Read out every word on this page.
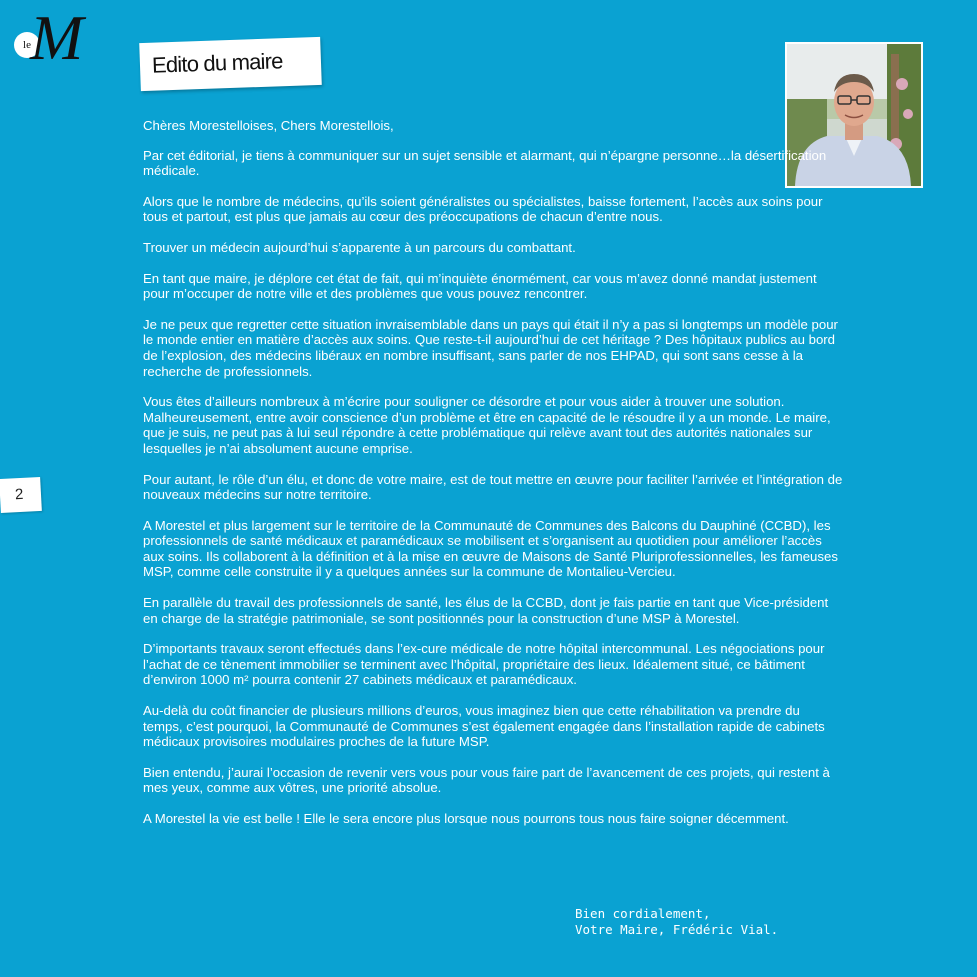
le M	Edito du maire
2

Chères Morestelloises, Chers Morestellois,

Par cet éditorial, je tiens à communiquer sur un sujet sensible et alarmant, qui n’épargne personne…la désertification médicale.

Alors que le nombre de médecins, qu’ils soient généralistes ou spécialistes, baisse fortement, l’accès aux soins pour tous et partout, est plus que jamais au cœur des préoccupations de chacun d’entre nous.

Trouver un médecin aujourd’hui s’apparente à un parcours du combattant.

En tant que maire, je déplore cet état de fait, qui m’inquiète énormément, car vous m’avez donné mandat justement pour m’occuper de notre ville et des problèmes que vous pouvez rencontrer.

Je ne peux que regretter cette situation invraisemblable dans un pays qui était il n’y a pas si longtemps un modèle pour le monde entier en matière d’accès aux soins. Que reste-t-il aujourd’hui de cet héritage ? Des hôpitaux publics au bord de l’explosion, des médecins libéraux en nombre insuffisant, sans parler de nos EHPAD, qui sont sans cesse à la recherche de professionnels.

Vous êtes d’ailleurs nombreux à m’écrire pour souligner ce désordre et pour vous aider à trouver une solution. Malheureusement, entre avoir conscience d’un problème et être en capacité de le résoudre il y a un monde. Le maire, que je suis, ne peut pas à lui seul répondre à cette problématique qui relève avant tout des autorités nationales sur lesquelles je n’ai absolument aucune emprise.

Pour autant, le rôle d’un élu, et donc de votre maire, est de tout mettre en œuvre pour faciliter l’arrivée et l’intégration de nouveaux médecins sur notre territoire.

A Morestel et plus largement sur le territoire de la Communauté de Communes des Balcons du Dauphiné (CCBD), les professionnels de santé médicaux et paramédicaux se mobilisent et s’organisent au quotidien pour améliorer l’accès aux soins. Ils collaborent à la définition et à la mise en œuvre de Maisons de Santé Pluriprofessionnelles, les fameuses MSP, comme celle construite il y a quelques années sur la commune de Montalieu-Vercieu.

En parallèle du travail des professionnels de santé, les élus de la CCBD, dont je fais partie en tant que Vice-président en charge de la stratégie patrimoniale, se sont positionnés pour la construction d’une MSP à Morestel.

D’importants travaux seront effectués dans l’ex-cure médicale de notre hôpital intercommunal. Les négociations pour l’achat de ce tènement immobilier se terminent avec l’hôpital, propriétaire des lieux. Idéalement situé, ce bâtiment d’environ 1000 m² pourra contenir 27 cabinets médicaux et paramédicaux.

Au-delà du coût financier de plusieurs millions d’euros, vous imaginez bien que cette réhabilitation va prendre du temps, c’est pourquoi, la Communauté de Communes s’est également engagée dans l’installation rapide de cabinets médicaux provisoires modulaires proches de la future MSP.

Bien entendu, j’aurai l’occasion de revenir vers vous pour vous faire part de l’avancement de ces projets, qui restent à mes yeux, comme aux vôtres, une priorité absolue.

A Morestel la vie est belle ! Elle le sera encore plus lorsque nous pourrons tous nous faire soigner décemment.

Bien cordialement,
Votre Maire, Frédéric Vial.
